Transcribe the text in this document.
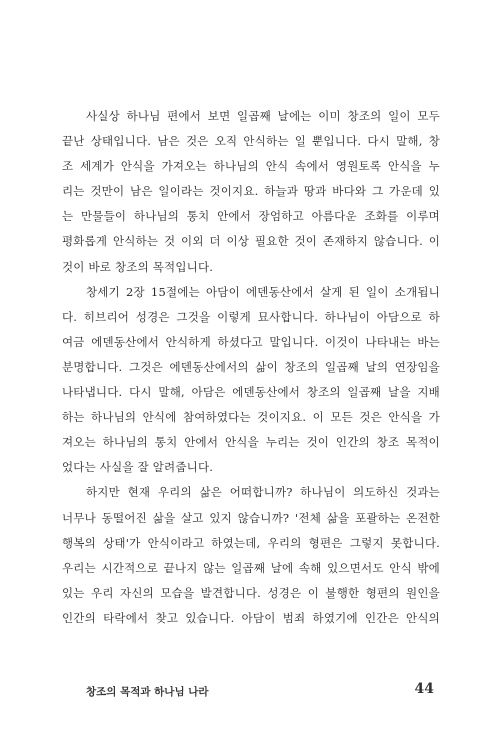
사실상 하나님 편에서 보면 일곱째 날에는 이미 창조의 일이 모두
끝난 상태입니다. 남은 것은 오직 안식하는 일 뿐입니다. 다시 말해, 창
조 세계가 안식을 가져오는 하나님의 안식 속에서 영원토록 안식을 누
리는 것만이 남은 일이라는 것이지요. 하늘과 땅과 바다와 그 가운데 있
는 만물들이 하나님의 통치 안에서 장엄하고 아름다운 조화를 이루며
평화롭게 안식하는 것 이외 더 이상 필요한 것이 존재하지 않습니다. 이
것이 바로 창조의 목적입니다.
창세기 2장 15절에는 아담이 에덴동산에서 살게 된 일이 소개됩니
다. 히브리어 성경은 그것을 이렇게 묘사합니다. 하나님이 아담으로 하
여금 에덴동산에서 안식하게 하셨다고 말입니다. 이것이 나타내는 바는
분명합니다. 그것은 에덴동산에서의 삶이 창조의 일곱째 날의 연장임을
나타냅니다. 다시 말해, 아담은 에덴동산에서 창조의 일곱째 날을 지배
하는 하나님의 안식에 참여하였다는 것이지요. 이 모든 것은 안식을 가
져오는 하나님의 통치 안에서 안식을 누리는 것이 인간의 창조 목적이
었다는 사실을 잘 알려줍니다.
하지만 현재 우리의 삶은 어떠합니까? 하나님이 의도하신 것과는
너무나 동떨어진 삶을 살고 있지 않습니까? '전체 삶을 포괄하는 온전한
행복의 상태'가 안식이라고 하였는데, 우리의 형편은 그렇지 못합니다.
우리는 시간적으로 끝나지 않는 일곱째 날에 속해 있으면서도 안식 밖에
있는 우리 자신의 모습을 발견합니다. 성경은 이 불행한 형편의 원인을
인간의 타락에서 찾고 있습니다. 아담이 범죄 하였기에 인간은 안식의
창조의 목적과 하나님 나라	44
